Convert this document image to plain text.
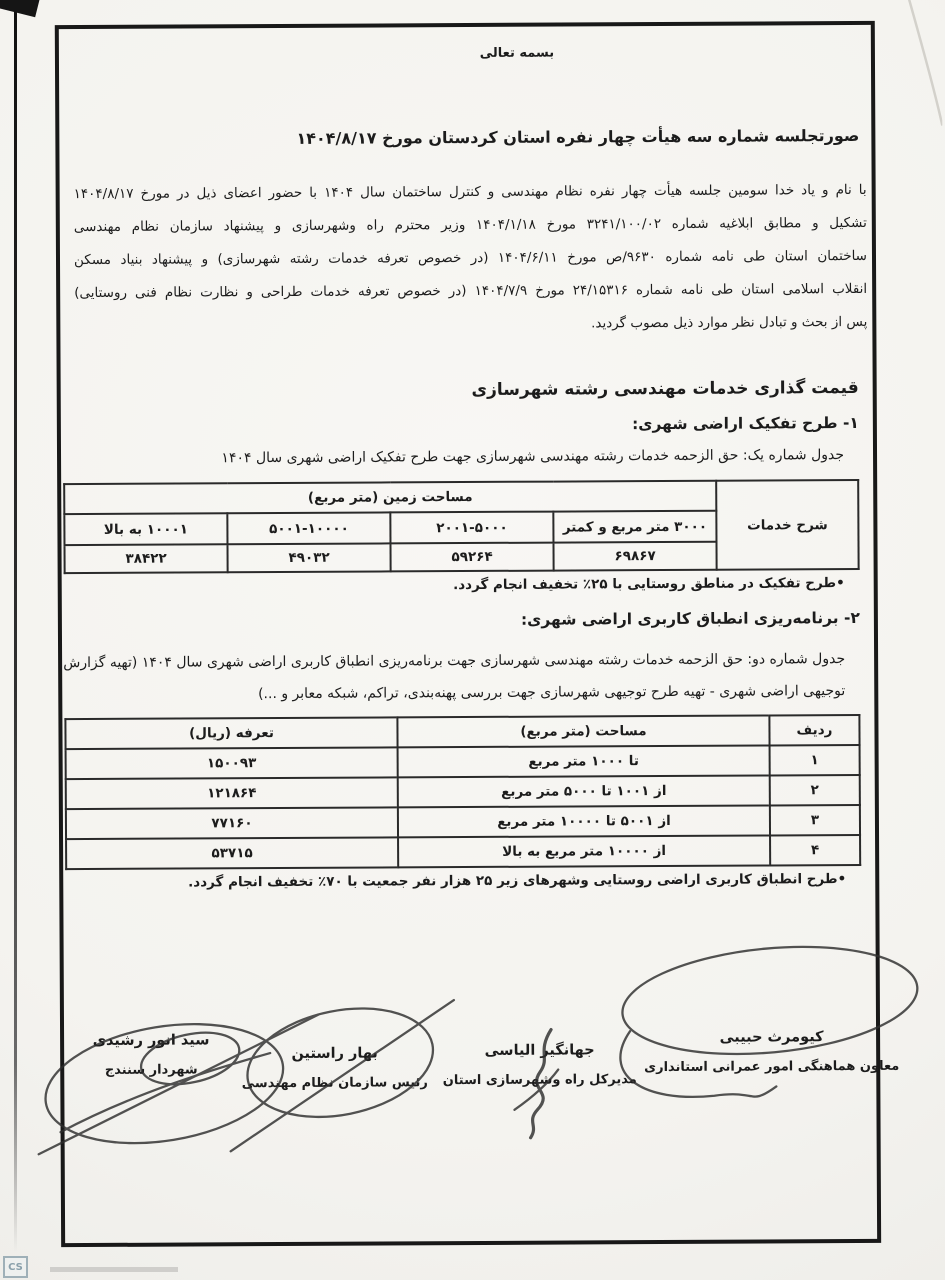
بسمه تعالی
صورتجلسه شماره سه هیأت چهار نفره استان کردستان مورخ ۱۴۰۴/۸/۱۷
با نام و یاد خدا سومین جلسه هیأت چهار نفره نظام مهندسی و کنترل ساختمان سال ۱۴۰۴ با حضور اعضای ذیل در مورخ ۱۴۰۴/۸/۱۷
تشکیل و مطابق ابلاغیه شماره ۳۲۴۱/۱۰۰/۰۲ مورخ ۱۴۰۴/۱/۱۸ وزیر محترم راه وشهرسازی و پیشنهاد سازمان نظام مهندسی
ساختمان استان طی نامه شماره ۹۶۳۰/ص مورخ ۱۴۰۴/۶/۱۱ (در خصوص تعرفه خدمات رشته شهرسازی) و پیشنهاد بنیاد مسکن
انقلاب اسلامی استان طی نامه شماره ۲۴/۱۵۳۱۶ مورخ ۱۴۰۴/۷/۹ (در خصوص تعرفه خدمات طراحی و نظارت نظام فنی روستایی)
پس از بحث و تبادل نظر موارد ذیل مصوب گردید.
قیمت گذاری خدمات مهندسی رشته شهرسازی
۱- طرح تفکیک اراضی شهری:
جدول شماره یک: حق الزحمه خدمات رشته مهندسی شهرسازی جهت طرح تفکیک اراضی شهری سال ۱۴۰۴
شرح خدمات	مساحت زمین (متر مربع)			
	۳۰۰۰ متر مربع و کمتر	۲۰۰۱-۵۰۰۰	۵۰۰۱-۱۰۰۰۰	۱۰۰۰۱ به بالا
	۶۹۸۶۷	۵۹۲۶۴	۴۹۰۳۲	۳۸۴۲۲
•طرح تفکیک در مناطق روستایی با ۲۵٪ تخفیف انجام گردد.
۲- برنامه‌ریزی انطباق کاربری اراضی شهری:
جدول شماره دو: حق الزحمه خدمات رشته مهندسی شهرسازی جهت برنامه‌ریزی انطباق کاربری اراضی شهری سال ۱۴۰۴ (تهیه گزارش
توجیهی اراضی شهری - تهیه طرح توجیهی شهرسازی جهت بررسی پهنه‌بندی، تراکم، شبکه معابر و ...)
ردیف	مساحت (متر مربع)	تعرفه (ریال)
۱	تا ۱۰۰۰ متر مربع	۱۵۰۰۹۳
۲	از ۱۰۰۱ تا ۵۰۰۰ متر مربع	۱۲۱۸۶۴
۳	از ۵۰۰۱ تا ۱۰۰۰۰ متر مربع	۷۷۱۶۰
۴	از ۱۰۰۰۰ متر مربع به بالا	۵۳۷۱۵
•طرح انطباق کاربری اراضی روستایی وشهرهای زیر ۲۵ هزار نفر جمعیت با ۷۰٪ تخفیف انجام گردد.
کیومرث حبیبی
معاون هماهنگی امور عمرانی استانداری
جهانگیر الیاسی
مدیرکل راه وشهرسازی استان
بهار راستین
رئیس سازمان نظام مهندسی
سید انور رشیدی
شهردار سنندج
CS
